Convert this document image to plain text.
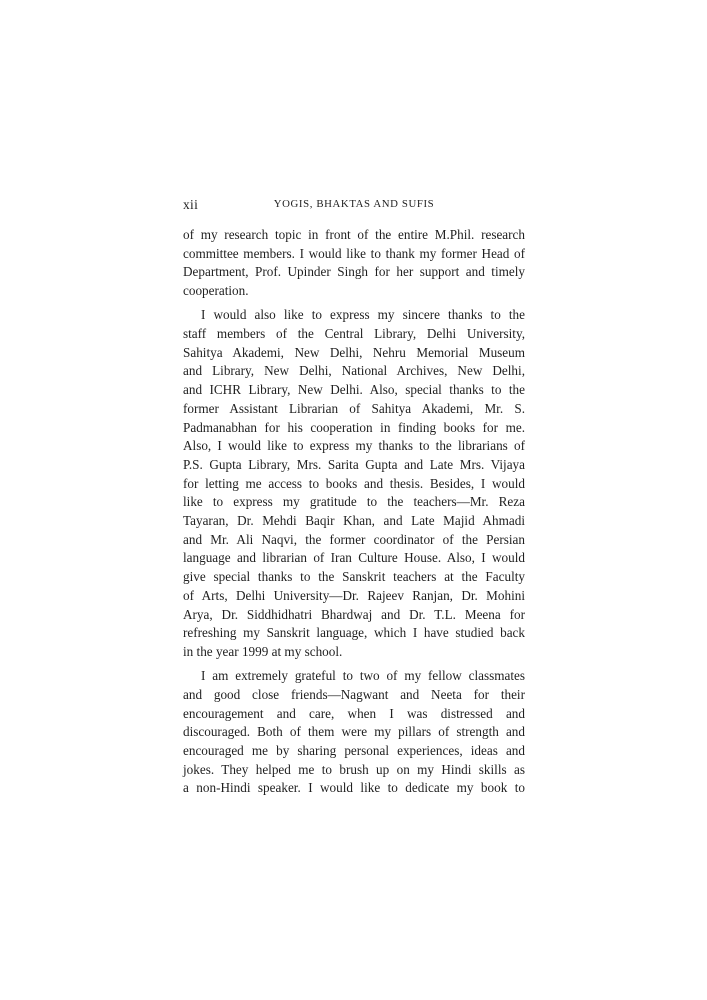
xii	YOGIS, BHAKTAS AND SUFIS
of my research topic in front of the entire M.Phil. research
committee members. I would like to thank my former Head of
Department, Prof. Upinder Singh for her support and timely
cooperation.
I would also like to express my sincere thanks to the
staff members of the Central Library, Delhi University,
Sahitya Akademi, New Delhi, Nehru Memorial Museum
and Library, New Delhi, National Archives, New Delhi,
and ICHR Library, New Delhi. Also, special thanks to the
former Assistant Librarian of Sahitya Akademi, Mr. S.
Padmanabhan for his cooperation in finding books for me.
Also, I would like to express my thanks to the librarians of
P.S. Gupta Library, Mrs. Sarita Gupta and Late Mrs. Vijaya
for letting me access to books and thesis. Besides, I would
like to express my gratitude to the teachers—Mr. Reza
Tayaran, Dr. Mehdi Baqir Khan, and Late Majid Ahmadi
and Mr. Ali Naqvi, the former coordinator of the Persian
language and librarian of Iran Culture House. Also, I would
give special thanks to the Sanskrit teachers at the Faculty
of Arts, Delhi University—Dr. Rajeev Ranjan, Dr. Mohini
Arya, Dr. Siddhidhatri Bhardwaj and Dr. T.L. Meena for
refreshing my Sanskrit language, which I have studied back
in the year 1999 at my school.
I am extremely grateful to two of my fellow classmates
and good close friends—Nagwant and Neeta for their
encouragement and care, when I was distressed and
discouraged. Both of them were my pillars of strength and
encouraged me by sharing personal experiences, ideas and
jokes. They helped me to brush up on my Hindi skills as
a non-Hindi speaker. I would like to dedicate my book to
